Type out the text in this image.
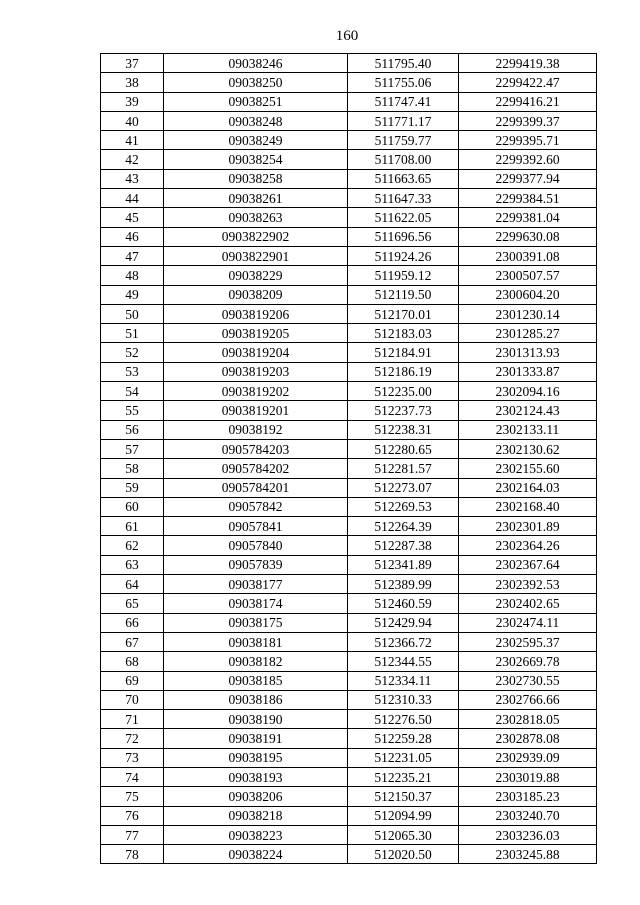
160
37	09038246	511795.40	2299419.38
38	09038250	511755.06	2299422.47
39	09038251	511747.41	2299416.21
40	09038248	511771.17	2299399.37
41	09038249	511759.77	2299395.71
42	09038254	511708.00	2299392.60
43	09038258	511663.65	2299377.94
44	09038261	511647.33	2299384.51
45	09038263	511622.05	2299381.04
46	0903822902	511696.56	2299630.08
47	0903822901	511924.26	2300391.08
48	09038229	511959.12	2300507.57
49	09038209	512119.50	2300604.20
50	0903819206	512170.01	2301230.14
51	0903819205	512183.03	2301285.27
52	0903819204	512184.91	2301313.93
53	0903819203	512186.19	2301333.87
54	0903819202	512235.00	2302094.16
55	0903819201	512237.73	2302124.43
56	09038192	512238.31	2302133.11
57	0905784203	512280.65	2302130.62
58	0905784202	512281.57	2302155.60
59	0905784201	512273.07	2302164.03
60	09057842	512269.53	2302168.40
61	09057841	512264.39	2302301.89
62	09057840	512287.38	2302364.26
63	09057839	512341.89	2302367.64
64	09038177	512389.99	2302392.53
65	09038174	512460.59	2302402.65
66	09038175	512429.94	2302474.11
67	09038181	512366.72	2302595.37
68	09038182	512344.55	2302669.78
69	09038185	512334.11	2302730.55
70	09038186	512310.33	2302766.66
71	09038190	512276.50	2302818.05
72	09038191	512259.28	2302878.08
73	09038195	512231.05	2302939.09
74	09038193	512235.21	2303019.88
75	09038206	512150.37	2303185.23
76	09038218	512094.99	2303240.70
77	09038223	512065.30	2303236.03
78	09038224	512020.50	2303245.88
